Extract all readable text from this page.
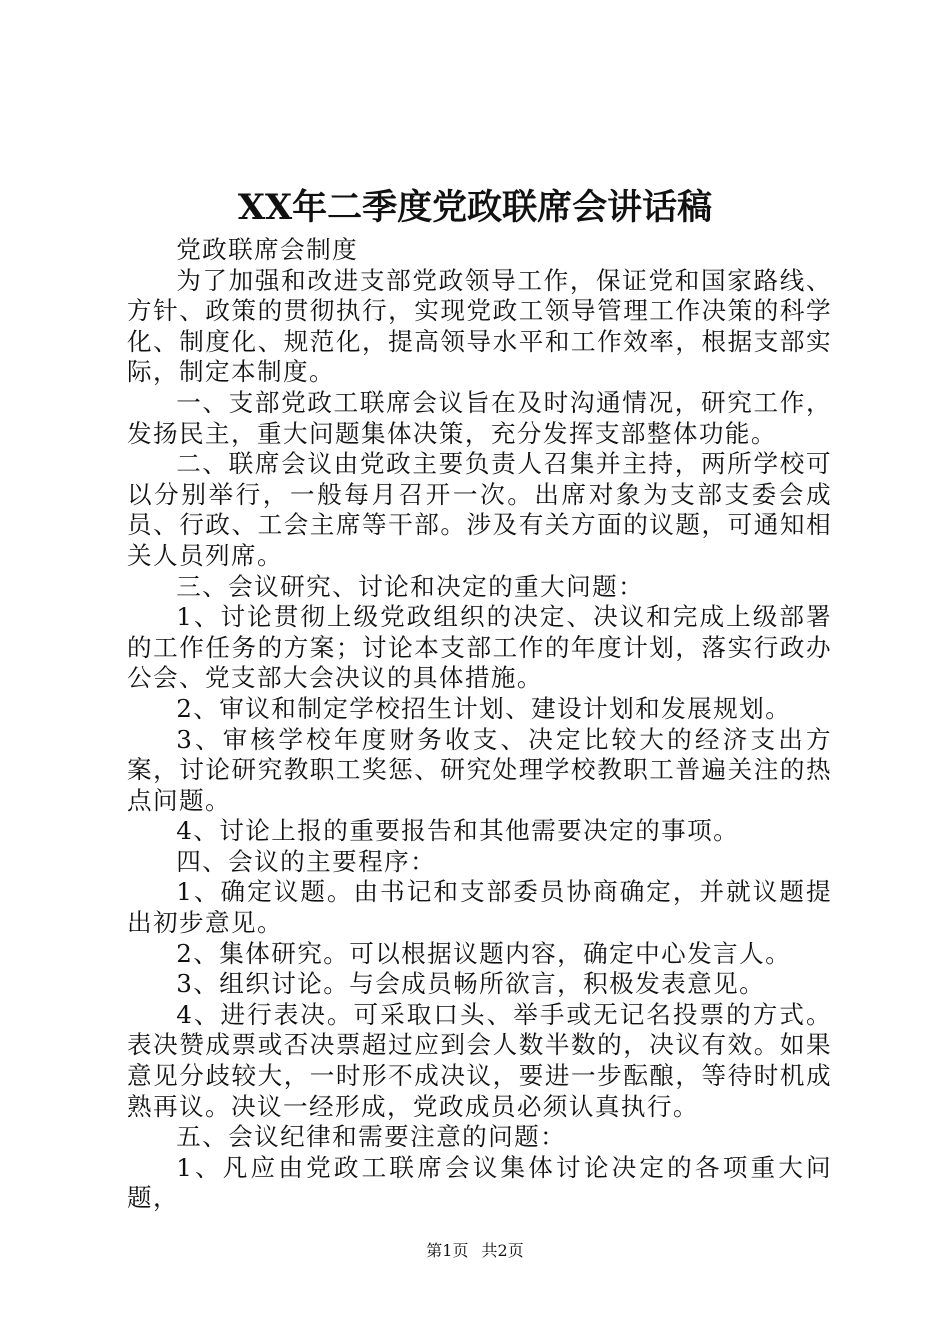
XX年二季度党政联席会讲话稿

党政联席会制度

为了加强和改进支部党政领导工作，保证党和国家路线、方针、政策的贯彻执行，实现党政工领导管理工作决策的科学化、制度化、规范化，提高领导水平和工作效率，根据支部实际，制定本制度。

一、支部党政工联席会议旨在及时沟通情况，研究工作，发扬民主，重大问题集体决策，充分发挥支部整体功能。

二、联席会议由党政主要负责人召集并主持，两所学校可以分别举行，一般每月召开一次。出席对象为支部支委会成员、行政、工会主席等干部。涉及有关方面的议题，可通知相关人员列席。

三、会议研究、讨论和决定的重大问题：

1、讨论贯彻上级党政组织的决定、决议和完成上级部署的工作任务的方案；讨论本支部工作的年度计划，落实行政办公会、党支部大会决议的具体措施。

2、审议和制定学校招生计划、建设计划和发展规划。

3、审核学校年度财务收支、决定比较大的经济支出方案，讨论研究教职工奖惩、研究处理学校教职工普遍关注的热点问题。

4、讨论上报的重要报告和其他需要决定的事项。

四、会议的主要程序：

1、确定议题。由书记和支部委员协商确定，并就议题提出初步意见。

2、集体研究。可以根据议题内容，确定中心发言人。

3、组织讨论。与会成员畅所欲言，积极发表意见。

4、进行表决。可采取口头、举手或无记名投票的方式。表决赞成票或否决票超过应到会人数半数的，决议有效。如果意见分歧较大，一时形不成决议，要进一步酝酿，等待时机成熟再议。决议一经形成，党政成员必须认真执行。

五、会议纪律和需要注意的问题：

1、凡应由党政工联席会议集体讨论决定的各项重大问题，

第1页 共2页
